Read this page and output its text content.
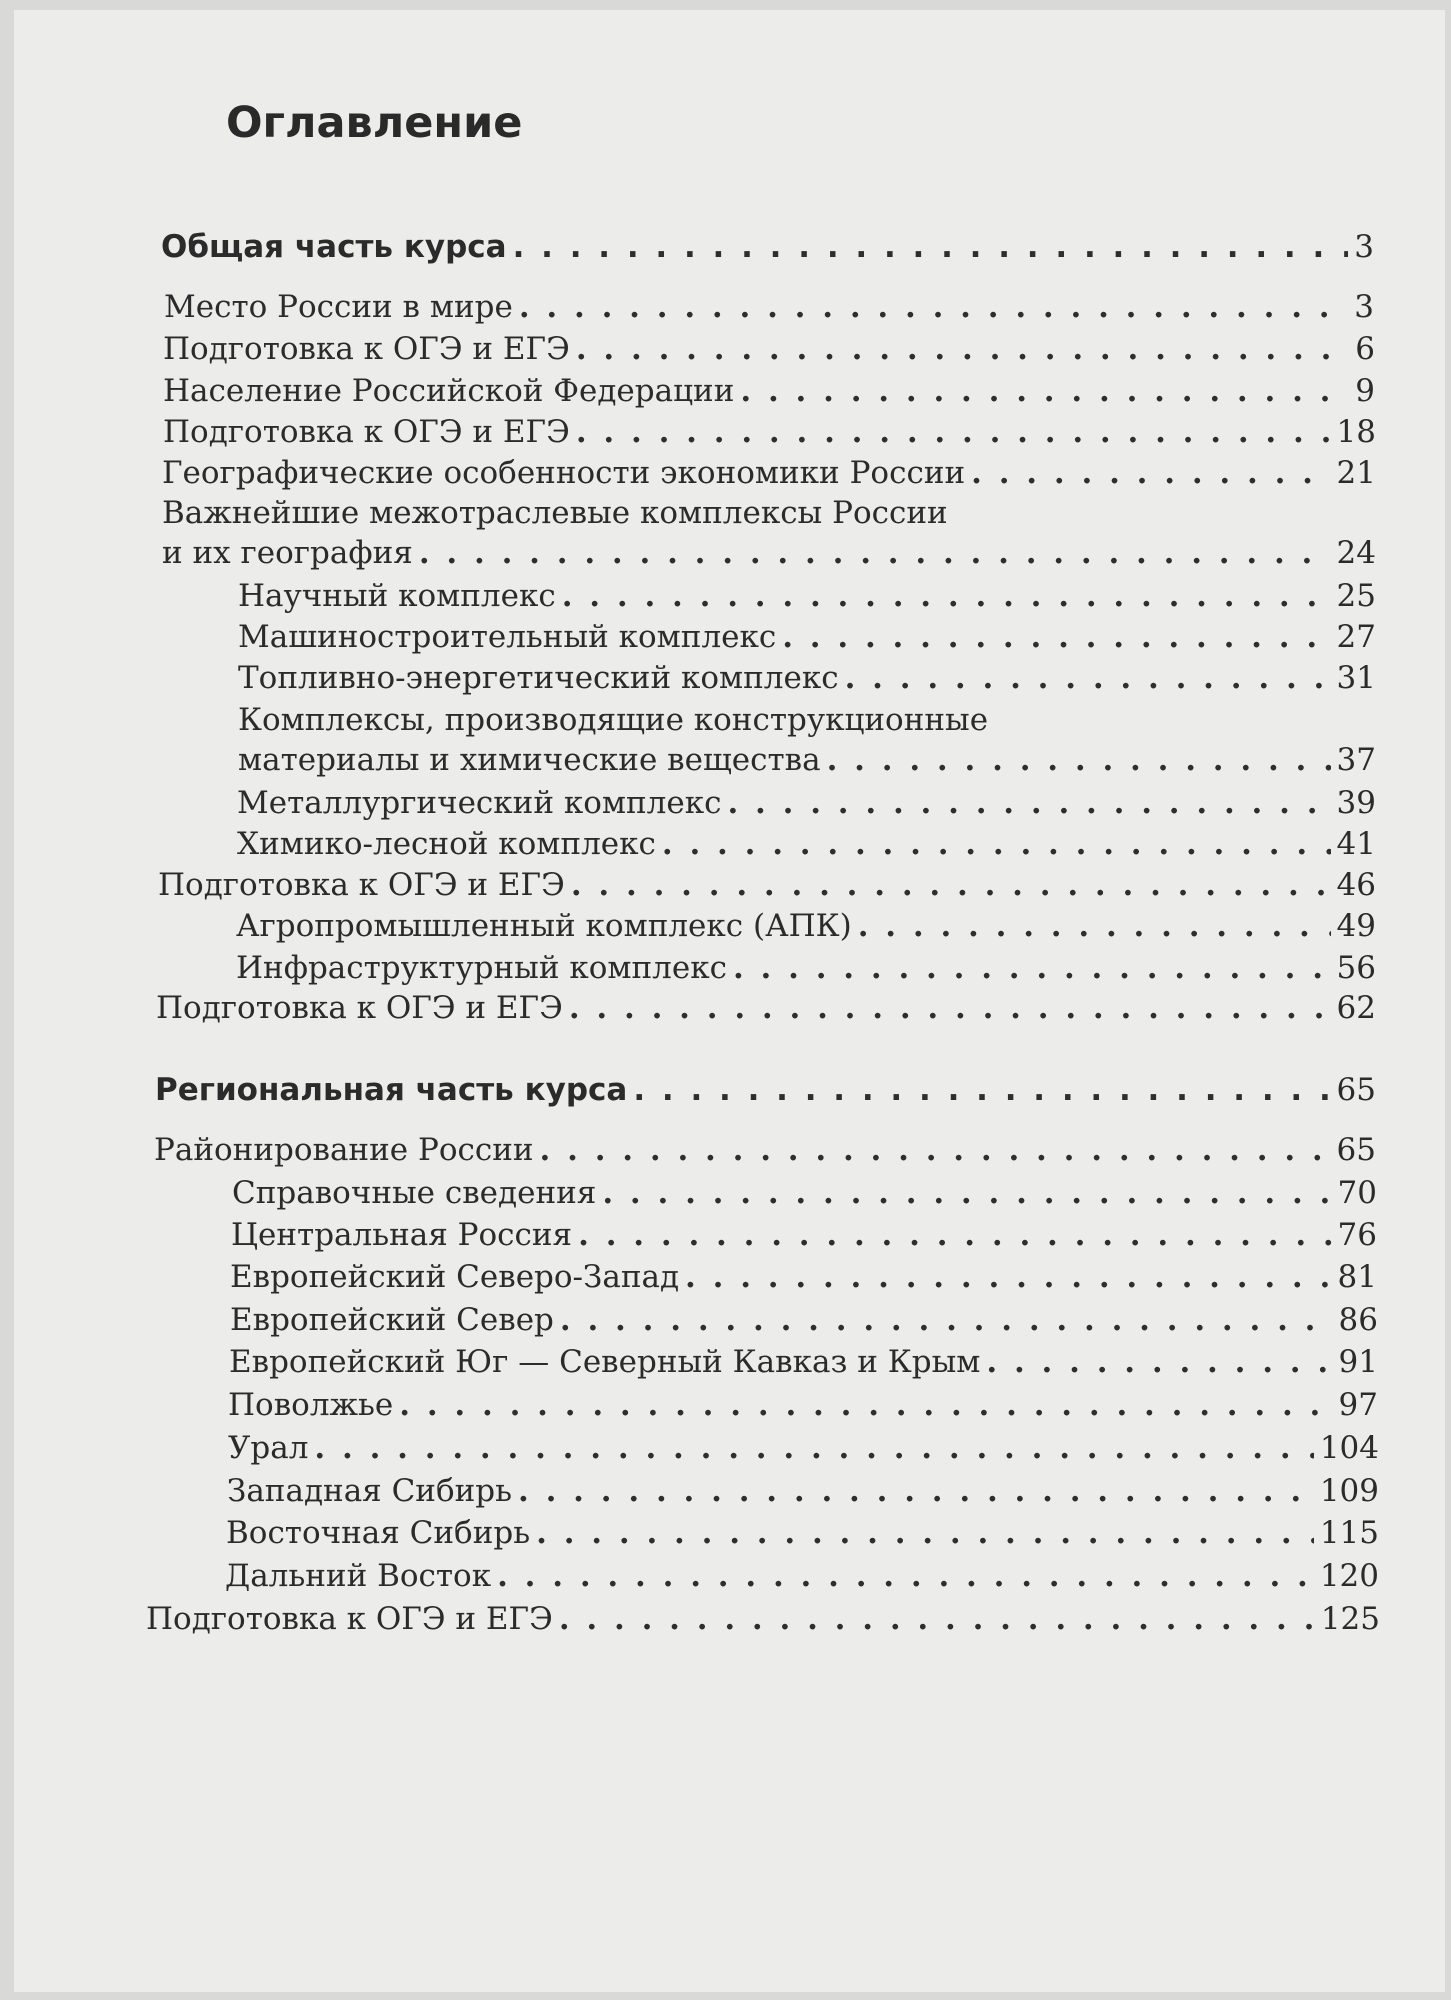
Оглавление
Общая часть курса . . .	3
Место России в мире . . .	3
Подготовка к ОГЭ и ЕГЭ . . .	6
Население Российской Федерации . . .	9
Подготовка к ОГЭ и ЕГЭ . . .	18
Географические особенности экономики России . . .	21
Важнейшие межотраслевые комплексы России
и их география . . .	24
Научный комплекс . . .	25
Машиностроительный комплекс . . .	27
Топливно-энергетический комплекс . . .	31
Комплексы, производящие конструкционные
материалы и химические вещества . . .	37
Металлургический комплекс . . .	39
Химико-лесной комплекс . . .	41
Подготовка к ОГЭ и ЕГЭ . . .	46
Агропромышленный комплекс (АПК) . . .	49
Инфраструктурный комплекс . . .	56
Подготовка к ОГЭ и ЕГЭ . . .	62
Региональная часть курса . . .	65
Районирование России . . .	65
Справочные сведения . . .	70
Центральная Россия . . .	76
Европейский Северо-Запад . . .	81
Европейский Север . . .	86
Европейский Юг — Северный Кавказ и Крым . . .	91
Поволжье . . .	97
Урал . . .	104
Западная Сибирь . . .	109
Восточная Сибирь . . .	115
Дальний Восток . . .	120
Подготовка к ОГЭ и ЕГЭ . . .	125
